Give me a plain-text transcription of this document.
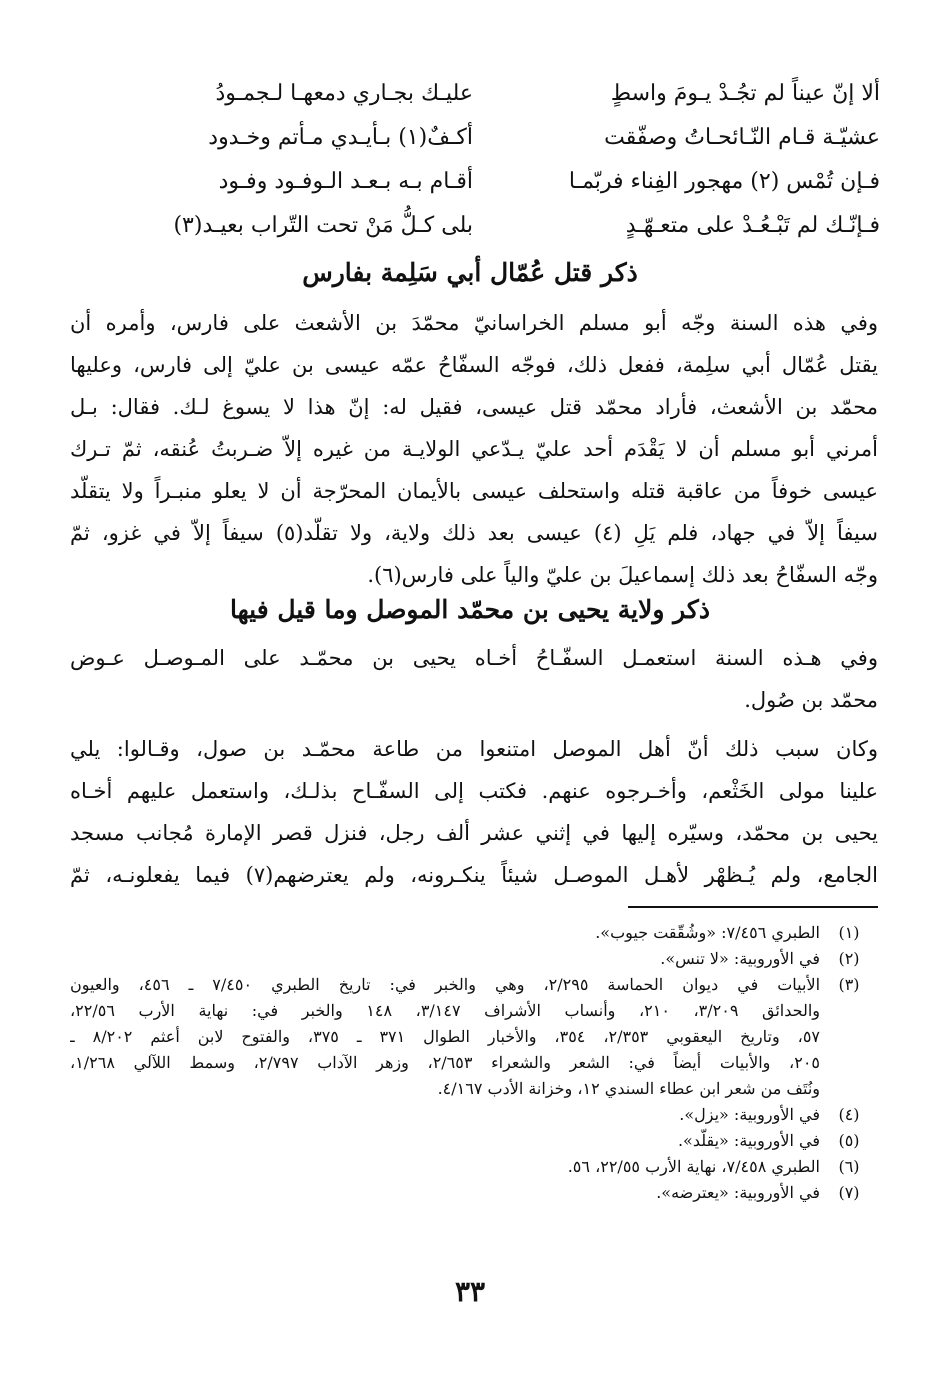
ألا إنّ عيناً لم تجُـدْ يـومَ واسطٍ
عليـك بجـاري دمعهـا لـجمـودُ
عشيّـة قـام النّـائحـاتُ وصفّقت
أكـفٌ(١) بـأيـدي مـأتم وخـدود
فـإن تُمْس (٢) مهجور الفِناء فربّمـا
أقـام بـه بـعـد الـوفـود وفـود
فـإنّـك لم تَبْـعُـدْ على متعـهّـدٍ
بلى كـلُّ مَنْ تحت التّراب بعيـد(٣)
ذكر قتل عُمّال أبي سَلِمة بفارس
وفي هذه السنة وجّه أبو مسلم الخراسانيّ محمّدَ بن الأشعث على فارس، وأمره أن
يقتل عُمّال أبي سلِمة، ففعل ذلك، فوجّه السفّاحُ عمّه عيسى بن عليّ إلى فارس، وعليها
محمّد بن الأشعث، فأراد محمّد قتل عيسى، فقيل له: إنّ هذا لا يسوغ لـك. فقال: بـل
أمرني أبو مسلم أن لا يَقْدَم أحد عليّ يـدّعي الولايـة من غيره إلاّ ضـربتُ عُنقه، ثمّ تـرك
عيسى خوفاً من عاقبة قتله واستحلف عيسى بالأيمان المحرّجة أن لا يعلو منبـراً ولا يتقلّد
سيفاً إلاّ في جهاد، فلم يَلِ (٤) عيسى بعد ذلك ولاية، ولا تقلّد(٥) سيفاً إلاّ في غزو، ثمّ
وجّه السفّاحُ بعد ذلك إسماعيلَ بن عليّ والياً على فارس(٦).
ذكر ولاية يحيى بن محمّد الموصل وما قيل فيها
وفي هـذه السنة استعمـل السفّـاحُ أخـاه يحيى بن محمّـد على المـوصـل عـوض
محمّد بن صُول.
وكان سبب ذلك أنّ أهل الموصل امتنعوا من طاعة محمّـد بن صول، وقـالوا: يلي
علينا مولى الخَثْعم، وأخـرجوه عنهم. فكتب إلى السفّـاح بذلـك، واستعمل عليهم أخـاه
يحيى بن محمّد، وسيّره إليها في إثني عشر ألف رجل، فنزل قصر الإمارة مُجانب مسجد
الجامع، ولم يُـظهْر لأهـل الموصـل شيئاً ينكـرونه، ولم يعترضهم(٧) فيما يفعلونـه، ثمّ
(١)
الطبري ٧/٤٥٦: «وشُقّقت جيوب».
(٢)
في الأوروبية: «لا تنس».
(٣)
الأبيات في ديوان الحماسة ٢/٢٩٥، وهي والخبر في: تاريخ الطبري ٧/٤٥٠ ـ ٤٥٦، والعيون
والحدائق ٣/٢٠٩، ٢١٠، وأنساب الأشراف ٣/١٤٧، ١٤٨ والخبر في: نهاية الأرب ٢٢/٥٦،
٥٧، وتاريخ اليعقوبي ٢/٣٥٣، ٣٥٤، والأخبار الطوال ٣٧١ ـ ٣٧٥، والفتوح لابن أعثم ٨/٢٠٢ ـ
٢٠٥، والأبيات أيضاً في: الشعر والشعراء ٢/٦٥٣، وزهر الآداب ٢/٧٩٧، وسمط اللآلي ١/٢٦٨،
ونُتَف من شعر ابن عطاء السندي ١٢، وخزانة الأدب ٤/١٦٧.
(٤)
في الأوروبية: «يزل».
(٥)
في الأوروبية: «يقلّد».
(٦)
الطبري ٧/٤٥٨، نهاية الأرب ٢٢/٥٥، ٥٦.
(٧)
في الأوروبية: «يعترضه».
٣٣
